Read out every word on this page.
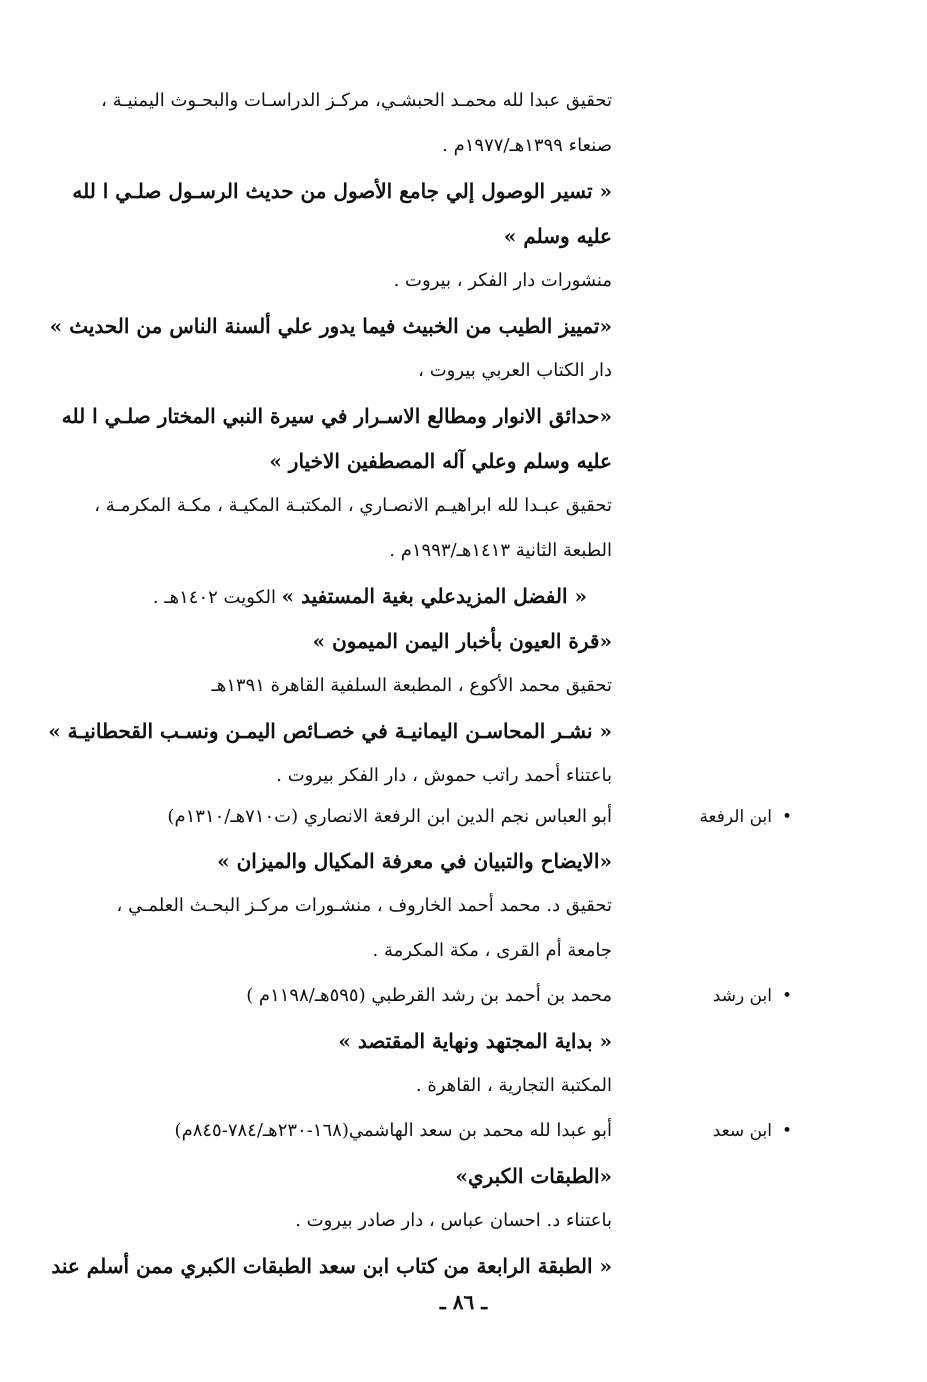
تحقيق عبدا لله محمـد الحبشـي، مركـز الدراسـات والبحـوث اليمنيـة ،
صنعاء ١٣٩٩هـ/١٩٧٧م .
« تسير الوصول إلي جامع الأصول من حديث الرسـول صلـي ا لله
عليه وسلم »
منشورات دار الفكر ، بيروت .
«تمييز الطيب من الخبيث فيما يدور علي ألسنة الناس من الحديث »
دار الكتاب العربي بيروت ،
«حدائق الانوار ومطالع الاسـرار في سيرة النبي المختار صلـي ا لله
عليه وسلم وعلي آله المصطفين الاخيار »
تحقيق عبـدا لله ابراهيـم الانصـاري ، المكتبـة المكيـة ، مكـة المكرمـة ،
الطبعة الثانية ١٤١٣هـ/١٩٩٣م .
« الفضل المزيدعلي بغية المستفيد » الكويت ١٤٠٢هـ .
«قرة العيون بأخبار اليمن الميمون »
تحقيق محمد الأكوع ، المطبعة السلفية القاهرة ١٣٩١هـ
« نشـر المحاسـن اليمانيـة في خصـائص اليمـن ونسـب القحطانيـة »
باعتناء أحمد راتب حموش ، دار الفكر بيروت .
•ابن الرفعة
أبو العباس نجم الدين ابن الرفعة الانصاري (ت٧١٠هـ/١٣١٠م)
«الايضاح والتبيان في معرفة المكيال والميزان »
تحقيق د. محمد أحمد الخاروف ، منشـورات مركـز البحـث العلمـي ،
جامعة أم القرى ، مكة المكرمة .
•ابن رشد
محمد بن أحمد بن رشد القرطبي (٥٩٥هـ/١١٩٨م )
« بداية المجتهد ونهاية المقتصد »
المكتبة التجارية ، القاهرة .
•ابن سعد
أبو عبدا لله محمد بن سعد الهاشمي(١٦٨-٢٣٠هـ/٧٨٤-٨٤٥م)
«الطبقات الكبري»
باعتناء د. احسان عباس ، دار صادر بيروت .
« الطبقة الرابعة من كتاب ابن سعد الطبقات الكبري ممن أسلم عند
ـ ٨٦ ـ
